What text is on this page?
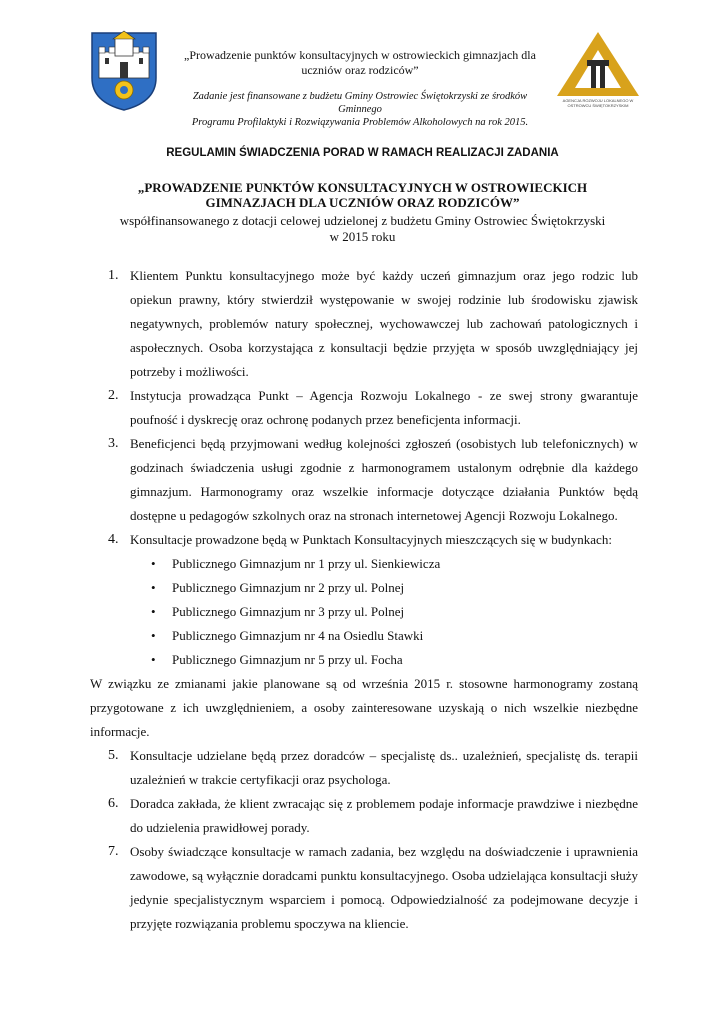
„Prowadzenie punktów konsultacyjnych w ostrowieckich gimnazjach dla
uczniów oraz rodziców”
Zadanie jest finansowane z budżetu Gminy Ostrowiec Świętokrzyski ze środków Gminnego
Programu Profilaktyki i Rozwiązywania Problemów Alkoholowych na rok 2015.
AGENCJA ROZWOJU LOKALNEGO W OSTROWCU ŚWIĘTOKRZYSKIM
REGULAMIN ŚWIADCZENIA PORAD W RAMACH REALIZACJI ZADANIA
„PROWADZENIE PUNKTÓW KONSULTACYJNYCH W OSTROWIECKICH
GIMNAZJACH DLA UCZNIÓW ORAZ RODZICÓW”
współfinansowanego z dotacji celowej udzielonej z budżetu Gminy Ostrowiec Świętokrzyski
w 2015 roku
1. Klientem Punktu konsultacyjnego może być każdy uczeń gimnazjum oraz jego rodzic lub opiekun prawny, który stwierdził występowanie w swojej rodzinie lub środowisku zjawisk negatywnych, problemów natury społecznej, wychowawczej lub zachowań patologicznych i aspołecznych. Osoba korzystająca z konsultacji będzie przyjęta w sposób uwzględniający jej potrzeby i możliwości.
2. Instytucja prowadząca Punkt – Agencja Rozwoju Lokalnego - ze swej strony gwarantuje poufność i dyskrecję oraz ochronę podanych przez beneficjenta informacji.
3. Beneficjenci będą przyjmowani według kolejności zgłoszeń (osobistych lub telefonicznych) w godzinach świadczenia usługi zgodnie z harmonogramem ustalonym odrębnie dla każdego gimnazjum. Harmonogramy oraz wszelkie informacje dotyczące działania Punktów będą dostępne u pedagogów szkolnych oraz na stronach internetowej Agencji Rozwoju Lokalnego.
4. Konsultacje prowadzone będą w Punktach Konsultacyjnych mieszczących się w budynkach:
• Publicznego Gimnazjum nr 1 przy ul. Sienkiewicza
• Publicznego Gimnazjum nr 2 przy ul. Polnej
• Publicznego Gimnazjum nr 3 przy ul. Polnej
• Publicznego Gimnazjum nr 4 na Osiedlu Stawki
• Publicznego Gimnazjum nr 5 przy ul. Focha

W związku ze zmianami jakie planowane są od września 2015 r. stosowne harmonogramy zostaną przygotowane z ich uwzględnieniem, a osoby zainteresowane uzyskają o nich wszelkie niezbędne informacje.

5. Konsultacje udzielane będą przez doradców – specjalistę ds.. uzależnień, specjalistę ds. terapii uzależnień w trakcie certyfikacji oraz psychologa.
6. Doradca zakłada, że klient zwracając się z problemem podaje informacje prawdziwe i niezbędne do udzielenia prawidłowej porady.
7. Osoby świadczące konsultacje w ramach zadania, bez względu na doświadczenie i uprawnienia zawodowe, są wyłącznie doradcami punktu konsultacyjnego. Osoba udzielająca konsultacji służy jedynie specjalistycznym wsparciem i pomocą. Odpowiedzialność za podejmowane decyzje i przyjęte rozwiązania problemu spoczywa na kliencie.
